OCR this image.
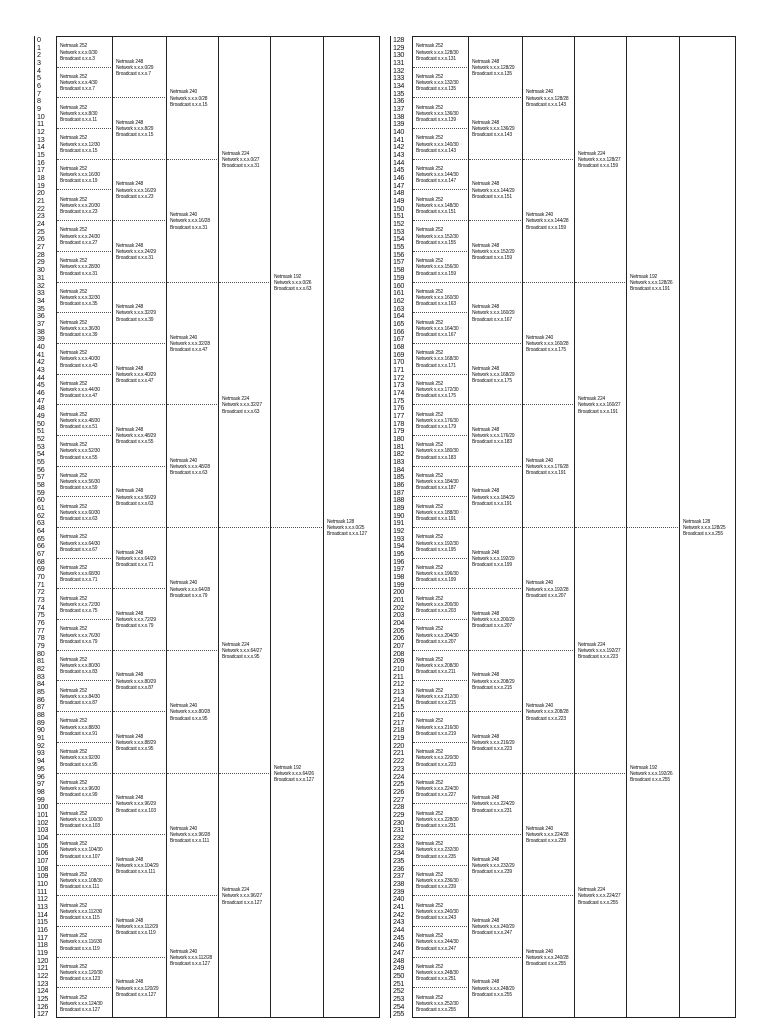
0
1
2
3
4
5
6
7
8
9
10
11
12
13
14
15
16
17
18
19
20
21
22
23
24
25
26
27
28
29
30
31
32
33
34
35
36
37
38
39
40
41
42
43
44
45
46
47
48
49
50
51
52
53
54
55
56
57
58
59
60
61
62
63
64
65
66
67
68
69
70
71
72
73
74
75
76
77
78
79
80
81
82
83
84
85
86
87
88
89
90
91
92
93
94
95
96
97
98
99
100
101
102
103
104
105
106
107
108
109
110
111
112
113
114
115
116
117
118
119
120
121
122
123
124
125
126
127
Netmask 252
Network x.x.x.0/30
Broadcast x.x.x.3
Netmask 252
Network x.x.x.4/30
Broadcast x.x.x.7
Netmask 252
Network x.x.x.8/30
Broadcast x.x.x.11
Netmask 252
Network x.x.x.12/30
Broadcast x.x.x.15
Netmask 252
Network x.x.x.16/30
Broadcast x.x.x.19
Netmask 252
Network x.x.x.20/30
Broadcast x.x.x.23
Netmask 252
Network x.x.x.24/30
Broadcast x.x.x.27
Netmask 252
Network x.x.x.28/30
Broadcast x.x.x.31
Netmask 252
Network x.x.x.32/30
Broadcast x.x.x.35
Netmask 252
Network x.x.x.36/30
Broadcast x.x.x.39
Netmask 252
Network x.x.x.40/30
Broadcast x.x.x.43
Netmask 252
Network x.x.x.44/30
Broadcast x.x.x.47
Netmask 252
Network x.x.x.48/30
Broadcast x.x.x.51
Netmask 252
Network x.x.x.52/30
Broadcast x.x.x.55
Netmask 252
Network x.x.x.56/30
Broadcast x.x.x.59
Netmask 252
Network x.x.x.60/30
Broadcast x.x.x.63
Netmask 252
Network x.x.x.64/30
Broadcast x.x.x.67
Netmask 252
Network x.x.x.68/30
Broadcast x.x.x.71
Netmask 252
Network x.x.x.72/30
Broadcast x.x.x.75
Netmask 252
Network x.x.x.76/30
Broadcast x.x.x.79
Netmask 252
Network x.x.x.80/30
Broadcast x.x.x.83
Netmask 252
Network x.x.x.84/30
Broadcast x.x.x.87
Netmask 252
Network x.x.x.88/30
Broadcast x.x.x.91
Netmask 252
Network x.x.x.92/30
Broadcast x.x.x.95
Netmask 252
Network x.x.x.96/30
Broadcast x.x.x.99
Netmask 252
Network x.x.x.100/30
Broadcast x.x.x.103
Netmask 252
Network x.x.x.104/30
Broadcast x.x.x.107
Netmask 252
Network x.x.x.108/30
Broadcast x.x.x.111
Netmask 252
Network x.x.x.112/30
Broadcast x.x.x.115
Netmask 252
Network x.x.x.116/30
Broadcast x.x.x.119
Netmask 252
Network x.x.x.120/30
Broadcast x.x.x.123
Netmask 252
Network x.x.x.124/30
Broadcast x.x.x.127
Netmask 248
Network x.x.x.0/29
Broadcast x.x.x.7
Netmask 248
Network x.x.x.8/29
Broadcast x.x.x.15
Netmask 248
Network x.x.x.16/29
Broadcast x.x.x.23
Netmask 248
Network x.x.x.24/29
Broadcast x.x.x.31
Netmask 248
Network x.x.x.32/29
Broadcast x.x.x.39
Netmask 248
Network x.x.x.40/29
Broadcast x.x.x.47
Netmask 248
Network x.x.x.48/29
Broadcast x.x.x.55
Netmask 248
Network x.x.x.56/29
Broadcast x.x.x.63
Netmask 248
Network x.x.x.64/29
Broadcast x.x.x.71
Netmask 248
Network x.x.x.72/29
Broadcast x.x.x.79
Netmask 248
Network x.x.x.80/29
Broadcast x.x.x.87
Netmask 248
Network x.x.x.88/29
Broadcast x.x.x.95
Netmask 248
Network x.x.x.96/29
Broadcast x.x.x.103
Netmask 248
Network x.x.x.104/29
Broadcast x.x.x.111
Netmask 248
Network x.x.x.112/29
Broadcast x.x.x.119
Netmask 248
Network x.x.x.120/29
Broadcast x.x.x.127
Netmask 240
Network x.x.x.0/28
Broadcast x.x.x.15
Netmask 240
Network x.x.x.16/28
Broadcast x.x.x.31
Netmask 240
Network x.x.x.32/28
Broadcast x.x.x.47
Netmask 240
Network x.x.x.48/28
Broadcast x.x.x.63
Netmask 240
Network x.x.x.64/28
Broadcast x.x.x.79
Netmask 240
Network x.x.x.80/28
Broadcast x.x.x.95
Netmask 240
Network x.x.x.96/28
Broadcast x.x.x.111
Netmask 240
Network x.x.x.112/28
Broadcast x.x.x.127
Netmask 224
Network x.x.x.0/27
Broadcast x.x.x.31
Netmask 224
Network x.x.x.32/27
Broadcast x.x.x.63
Netmask 224
Network x.x.x.64/27
Broadcast x.x.x.95
Netmask 224
Network x.x.x.96/27
Broadcast x.x.x.127
Netmask 192
Network x.x.x.0/26
Broadcast x.x.x.63
Netmask 192
Network x.x.x.64/26
Broadcast x.x.x.127
Netmask 128
Network x.x.x.0/25
Broadcast x.x.x.127
128
129
130
131
132
133
134
135
136
137
138
139
140
141
142
143
144
145
146
147
148
149
150
151
152
153
154
155
156
157
158
159
160
161
162
163
164
165
166
167
168
169
170
171
172
173
174
175
176
177
178
179
180
181
182
183
184
185
186
187
188
189
190
191
192
193
194
195
196
197
198
199
200
201
202
203
204
205
206
207
208
209
210
211
212
213
214
215
216
217
218
219
220
221
222
223
224
225
226
227
228
229
230
231
232
233
234
235
236
237
238
239
240
241
242
243
244
245
246
247
248
249
250
251
252
253
254
255
Netmask 252
Network x.x.x.128/30
Broadcast x.x.x.131
Netmask 252
Network x.x.x.132/30
Broadcast x.x.x.135
Netmask 252
Network x.x.x.136/30
Broadcast x.x.x.139
Netmask 252
Network x.x.x.140/30
Broadcast x.x.x.143
Netmask 252
Network x.x.x.144/30
Broadcast x.x.x.147
Netmask 252
Network x.x.x.148/30
Broadcast x.x.x.151
Netmask 252
Network x.x.x.152/30
Broadcast x.x.x.155
Netmask 252
Network x.x.x.156/30
Broadcast x.x.x.159
Netmask 252
Network x.x.x.160/30
Broadcast x.x.x.163
Netmask 252
Network x.x.x.164/30
Broadcast x.x.x.167
Netmask 252
Network x.x.x.168/30
Broadcast x.x.x.171
Netmask 252
Network x.x.x.172/30
Broadcast x.x.x.175
Netmask 252
Network x.x.x.176/30
Broadcast x.x.x.179
Netmask 252
Network x.x.x.180/30
Broadcast x.x.x.183
Netmask 252
Network x.x.x.184/30
Broadcast x.x.x.187
Netmask 252
Network x.x.x.188/30
Broadcast x.x.x.191
Netmask 252
Network x.x.x.192/30
Broadcast x.x.x.195
Netmask 252
Network x.x.x.196/30
Broadcast x.x.x.199
Netmask 252
Network x.x.x.200/30
Broadcast x.x.x.203
Netmask 252
Network x.x.x.204/30
Broadcast x.x.x.207
Netmask 252
Network x.x.x.208/30
Broadcast x.x.x.211
Netmask 252
Network x.x.x.212/30
Broadcast x.x.x.215
Netmask 252
Network x.x.x.216/30
Broadcast x.x.x.219
Netmask 252
Network x.x.x.220/30
Broadcast x.x.x.223
Netmask 252
Network x.x.x.224/30
Broadcast x.x.x.227
Netmask 252
Network x.x.x.228/30
Broadcast x.x.x.231
Netmask 252
Network x.x.x.232/30
Broadcast x.x.x.235
Netmask 252
Network x.x.x.236/30
Broadcast x.x.x.239
Netmask 252
Network x.x.x.240/30
Broadcast x.x.x.243
Netmask 252
Network x.x.x.244/30
Broadcast x.x.x.247
Netmask 252
Network x.x.x.248/30
Broadcast x.x.x.251
Netmask 252
Network x.x.x.252/30
Broadcast x.x.x.255
Netmask 248
Network x.x.x.128/29
Broadcast x.x.x.135
Netmask 248
Network x.x.x.136/29
Broadcast x.x.x.143
Netmask 248
Network x.x.x.144/29
Broadcast x.x.x.151
Netmask 248
Network x.x.x.152/29
Broadcast x.x.x.159
Netmask 248
Network x.x.x.160/29
Broadcast x.x.x.167
Netmask 248
Network x.x.x.168/29
Broadcast x.x.x.175
Netmask 248
Network x.x.x.176/29
Broadcast x.x.x.183
Netmask 248
Network x.x.x.184/29
Broadcast x.x.x.191
Netmask 248
Network x.x.x.192/29
Broadcast x.x.x.199
Netmask 248
Network x.x.x.200/29
Broadcast x.x.x.207
Netmask 248
Network x.x.x.208/29
Broadcast x.x.x.215
Netmask 248
Network x.x.x.216/29
Broadcast x.x.x.223
Netmask 248
Network x.x.x.224/29
Broadcast x.x.x.231
Netmask 248
Network x.x.x.232/29
Broadcast x.x.x.239
Netmask 248
Network x.x.x.240/29
Broadcast x.x.x.247
Netmask 248
Network x.x.x.248/29
Broadcast x.x.x.255
Netmask 240
Network x.x.x.128/28
Broadcast x.x.x.143
Netmask 240
Network x.x.x.144/28
Broadcast x.x.x.159
Netmask 240
Network x.x.x.160/28
Broadcast x.x.x.175
Netmask 240
Network x.x.x.176/28
Broadcast x.x.x.191
Netmask 240
Network x.x.x.192/28
Broadcast x.x.x.207
Netmask 240
Network x.x.x.208/28
Broadcast x.x.x.223
Netmask 240
Network x.x.x.224/28
Broadcast x.x.x.239
Netmask 240
Network x.x.x.240/28
Broadcast x.x.x.255
Netmask 224
Network x.x.x.128/27
Broadcast x.x.x.159
Netmask 224
Network x.x.x.160/27
Broadcast x.x.x.191
Netmask 224
Network x.x.x.192/27
Broadcast x.x.x.223
Netmask 224
Network x.x.x.224/27
Broadcast x.x.x.255
Netmask 192
Network x.x.x.128/26
Broadcast x.x.x.191
Netmask 192
Network x.x.x.192/26
Broadcast x.x.x.255
Netmask 128
Network x.x.x.128/25
Broadcast x.x.x.255
